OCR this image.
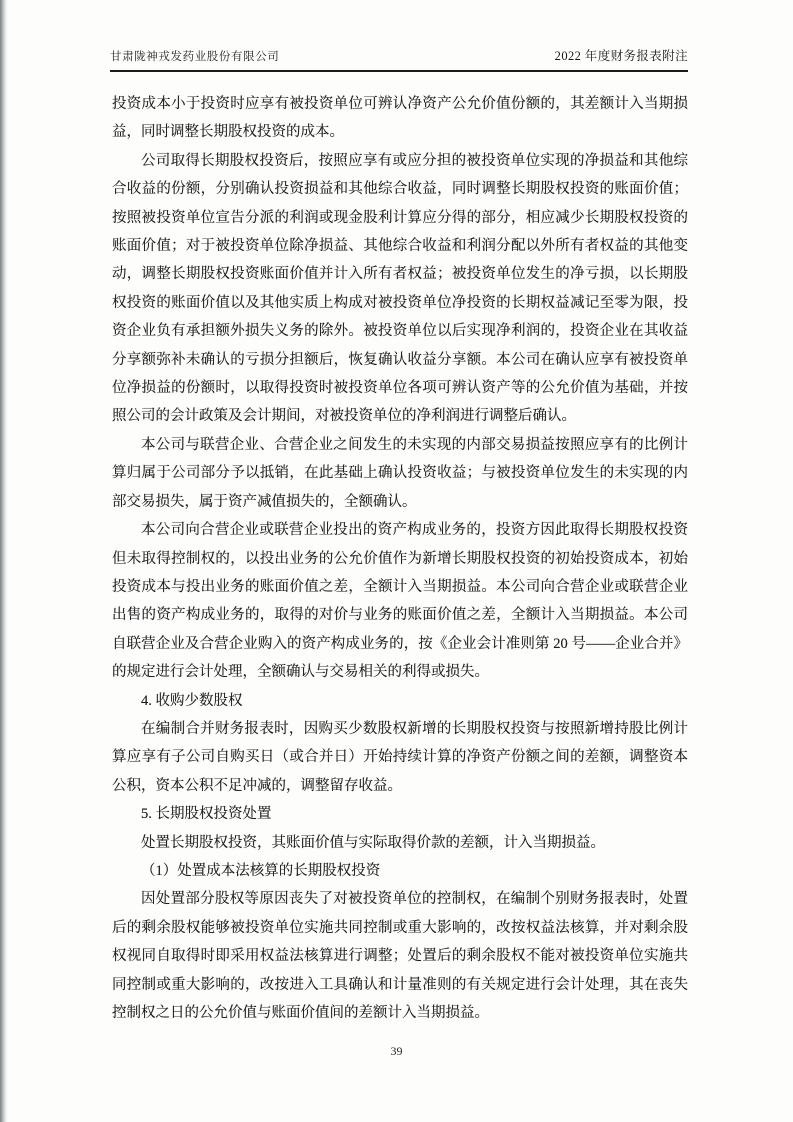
甘肃陇神戎发药业股份有限公司	2022 年度财务报表附注

投资成本小于投资时应享有被投资单位可辨认净资产公允价值份额的，其差额计入当期损益，同时调整长期股权投资的成本。

公司取得长期股权投资后，按照应享有或应分担的被投资单位实现的净损益和其他综合收益的份额，分别确认投资损益和其他综合收益，同时调整长期股权投资的账面价值；按照被投资单位宣告分派的利润或现金股利计算应分得的部分，相应减少长期股权投资的账面价值；对于被投资单位除净损益、其他综合收益和利润分配以外所有者权益的其他变动，调整长期股权投资账面价值并计入所有者权益；被投资单位发生的净亏损，以长期股权投资的账面价值以及其他实质上构成对被投资单位净投资的长期权益减记至零为限，投资企业负有承担额外损失义务的除外。被投资单位以后实现净利润的，投资企业在其收益分享额弥补未确认的亏损分担额后，恢复确认收益分享额。本公司在确认应享有被投资单位净损益的份额时，以取得投资时被投资单位各项可辨认资产等的公允价值为基础，并按照公司的会计政策及会计期间，对被投资单位的净利润进行调整后确认。

本公司与联营企业、合营企业之间发生的未实现的内部交易损益按照应享有的比例计算归属于公司部分予以抵销，在此基础上确认投资收益；与被投资单位发生的未实现的内部交易损失，属于资产减值损失的，全额确认。

本公司向合营企业或联营企业投出的资产构成业务的，投资方因此取得长期股权投资但未取得控制权的，以投出业务的公允价值作为新增长期股权投资的初始投资成本，初始投资成本与投出业务的账面价值之差，全额计入当期损益。本公司向合营企业或联营企业出售的资产构成业务的，取得的对价与业务的账面价值之差，全额计入当期损益。本公司自联营企业及合营企业购入的资产构成业务的，按《企业会计准则第 20 号——企业合并》的规定进行会计处理，全额确认与交易相关的利得或损失。

4. 收购少数股权

在编制合并财务报表时，因购买少数股权新增的长期股权投资与按照新增持股比例计算应享有子公司自购买日（或合并日）开始持续计算的净资产份额之间的差额，调整资本公积，资本公积不足冲减的，调整留存收益。

5. 长期股权投资处置

处置长期股权投资，其账面价值与实际取得价款的差额，计入当期损益。

（1）处置成本法核算的长期股权投资

因处置部分股权等原因丧失了对被投资单位的控制权，在编制个别财务报表时，处置后的剩余股权能够被投资单位实施共同控制或重大影响的，改按权益法核算，并对剩余股权视同自取得时即采用权益法核算进行调整；处置后的剩余股权不能对被投资单位实施共同控制或重大影响的，改按进入工具确认和计量准则的有关规定进行会计处理，其在丧失控制权之日的公允价值与账面价值间的差额计入当期损益。

39
